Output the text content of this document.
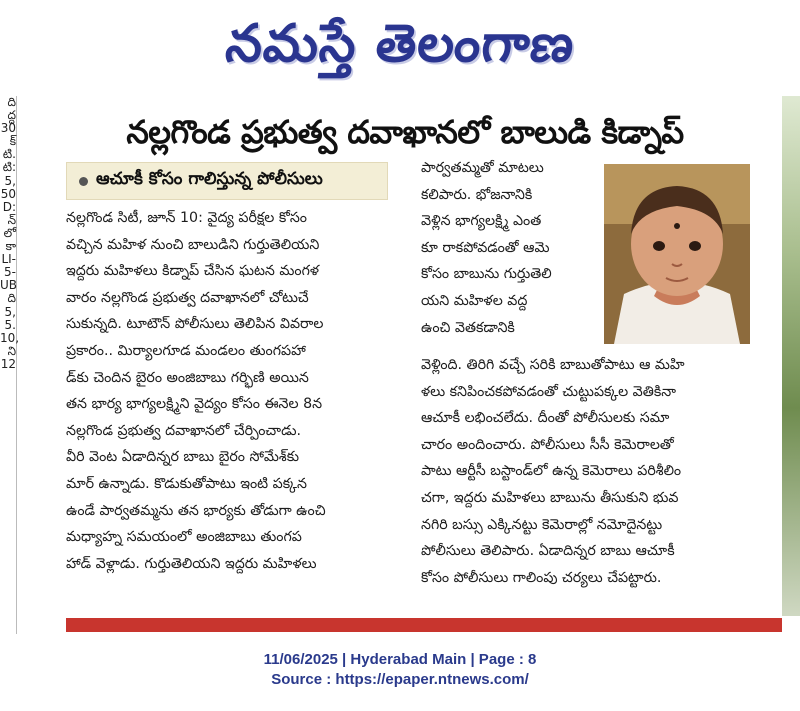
నమస్తే తెలంగాణ
ది
ద్ద
30
క్
టి.
టి:
5,
50
D:
న్
లో
కా
LI-
5-
UB
ది
5,
5.
10,
ని
12
నల్లగొండ ప్రభుత్వ దవాఖానలో బాలుడి కిడ్నాప్
ఆచూకీ కోసం గాలిస్తున్న పోలీసులు
నల్లగొండ సిటీ, జూన్ 10: వైద్య పరీక్షల కోసం
వచ్చిన మహిళ నుంచి బాలుడిని గుర్తుతెలియని
ఇద్దరు మహిళలు కిడ్నాప్ చేసిన ఘటన మంగళ
వారం నల్లగొండ ప్రభుత్వ దవాఖానలో చోటుచే
సుకున్నది. టూటౌన్ పోలీసులు తెలిపిన వివరాల
ప్రకారం.. మిర్యాలగూడ మండలం తుంగపహా
డ్‌కు చెందిన బైరం అంజిబాబు గర్భిణి అయిన
తన భార్య భాగ్యలక్ష్మిని వైద్యం కోసం ఈనెల 8న
నల్లగొండ ప్రభుత్వ దవాఖానలో చేర్పించాడు.
వీరి వెంట ఏడాదిన్నర బాబు బైరం సోమేశ్‌కు
మార్ ఉన్నాడు. కొడుకుతోపాటు ఇంటి పక్కన
ఉండే పార్వతమ్మను తన భార్యకు తోడుగా ఉంచి
మధ్యాహ్న సమయంలో అంజిబాబు తుంగప
హాడ్ వెళ్లాడు. గుర్తుతెలియని ఇద్దరు మహిళలు
పార్వతమ్మతో మాటలు
కలిపారు. భోజనానికి
వెళ్లిన భాగ్యలక్ష్మి ఎంత
కూ రాకపోవడంతో ఆమె
కోసం బాబును గుర్తుతెలి
యని మహిళల వద్ద
ఉంచి వెతకడానికి
వెళ్లింది. తిరిగి వచ్చే సరికి బాబుతోపాటు ఆ మహి
ళలు కనిపించకపోవడంతో చుట్టుపక్కల వెతికినా
ఆచూకీ లభించలేదు. దీంతో పోలీసులకు సమా
చారం అందించారు. పోలీసులు సీసీ కెమెరాలతో
పాటు ఆర్టీసీ బస్టాండ్‌లో ఉన్న కెమెరాలు పరిశీలిం
చగా, ఇద్దరు మహిళలు బాబును తీసుకుని భువ
నగిరి బస్సు ఎక్కినట్టు కెమెరాల్లో నమోదైనట్టు
పోలీసులు తెలిపారు. ఏడాదిన్నర బాబు ఆచూకీ
కోసం పోలీసులు గాలింపు చర్యలు చేపట్టారు.
11/06/2025 | Hyderabad Main | Page : 8
Source : https://epaper.ntnews.com/
